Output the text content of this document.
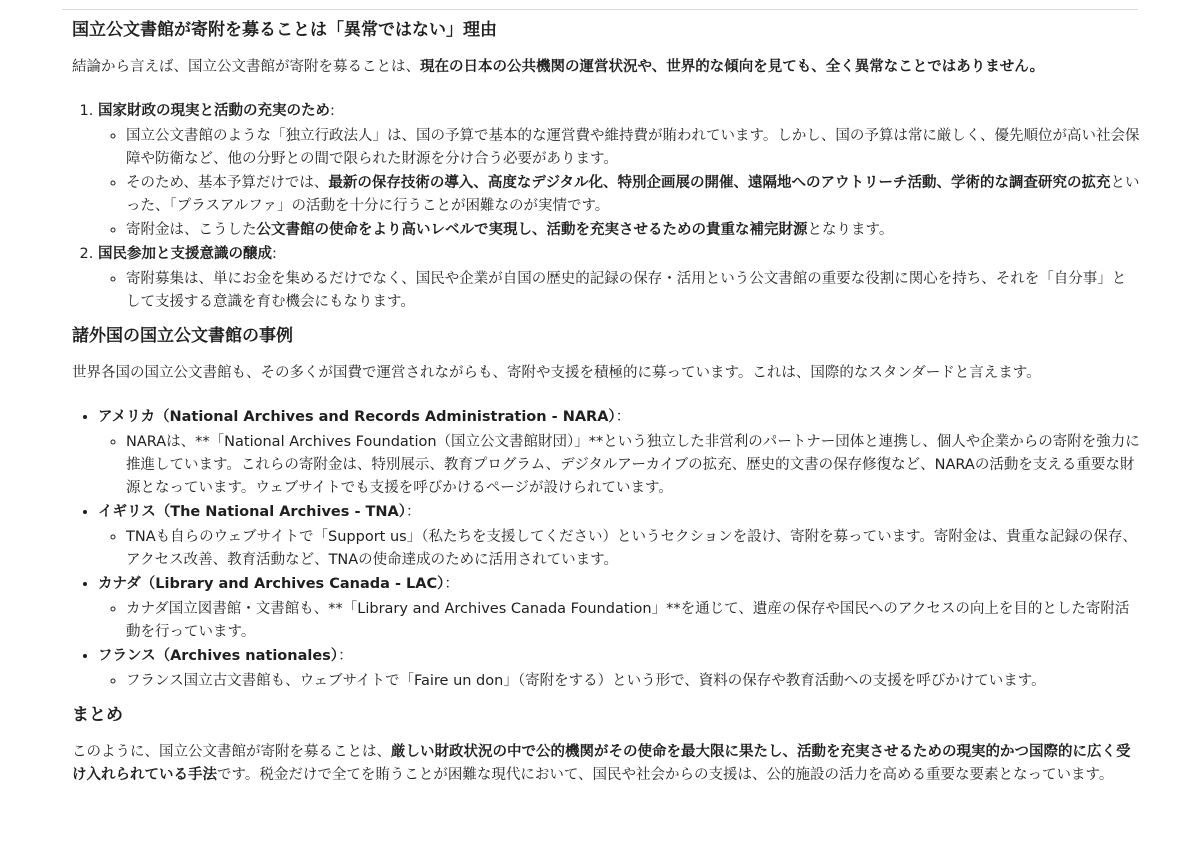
国立公文書館が寄附を募ることは「異常ではない」理由

結論から言えば、国立公文書館が寄附を募ることは、現在の日本の公共機関の運営状況や、世界的な傾向を見ても、全く異常なことではありません。

1. 国家財政の現実と活動の充実のため:
◦ 国立公文書館のような「独立行政法人」は、国の予算で基本的な運営費や維持費が賄われています。しかし、国の予算は常に厳しく、優先順位が高い社会保障や防衛など、他の分野との間で限られた財源を分け合う必要があります。
◦ そのため、基本予算だけでは、最新の保存技術の導入、高度なデジタル化、特別企画展の開催、遠隔地へのアウトリーチ活動、学術的な調査研究の拡充といった、「プラスアルファ」の活動を十分に行うことが困難なのが実情です。
◦ 寄附金は、こうした公文書館の使命をより高いレベルで実現し、活動を充実させるための貴重な補完財源となります。
2. 国民参加と支援意識の醸成:
◦ 寄附募集は、単にお金を集めるだけでなく、国民や企業が自国の歴史的記録の保存・活用という公文書館の重要な役割に関心を持ち、それを「自分事」として支援する意識を育む機会にもなります。
諸外国の国立公文書館の事例

世界各国の国立公文書館も、その多くが国費で運営されながらも、寄附や支援を積極的に募っています。これは、国際的なスタンダードと言えます。

• アメリカ（National Archives and Records Administration - NARA）：
◦ NARAは、**「National Archives Foundation（国立公文書館財団）」**という独立した非営利のパートナー団体と連携し、個人や企業からの寄附を強力に推進しています。これらの寄附金は、特別展示、教育プログラム、デジタルアーカイブの拡充、歴史的文書の保存修復など、NARAの活動を支える重要な財源となっています。ウェブサイトでも支援を呼びかけるページが設けられています。
• イギリス（The National Archives - TNA）：
◦ TNAも自らのウェブサイトで「Support us」（私たちを支援してください）というセクションを設け、寄附を募っています。寄附金は、貴重な記録の保存、アクセス改善、教育活動など、TNAの使命達成のために活用されています。
• カナダ（Library and Archives Canada - LAC）：
◦ カナダ国立図書館・文書館も、**「Library and Archives Canada Foundation」**を通じて、遺産の保存や国民へのアクセスの向上を目的とした寄附活動を行っています。
• フランス（Archives nationales）：
◦ フランス国立古文書館も、ウェブサイトで「Faire un don」（寄附をする）という形で、資料の保存や教育活動への支援を呼びかけています。
まとめ

このように、国立公文書館が寄附を募ることは、厳しい財政状況の中で公的機関がその使命を最大限に果たし、活動を充実させるための現実的かつ国際的に広く受け入れられている手法です。税金だけで全てを賄うことが困難な現代において、国民や社会からの支援は、公的施設の活力を高める重要な要素となっています。
